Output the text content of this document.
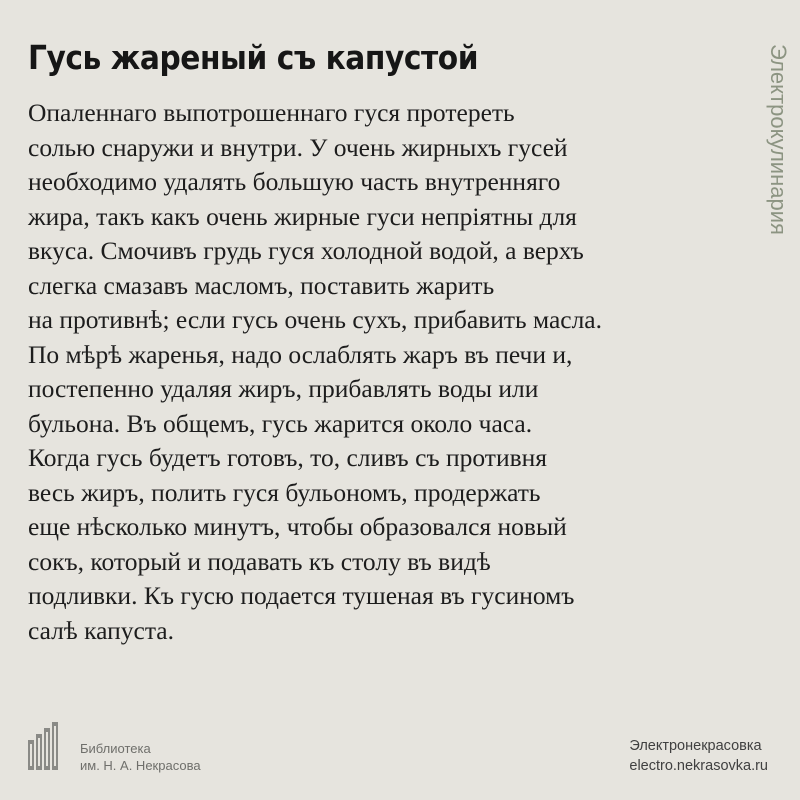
Гусь жареный съ капустой
Опаленнаго выпотрошеннаго гуся протереть
солью снаружи и внутри. У очень жирныхъ гусей
необходимо удалять большую часть внутренняго
жира, такъ какъ очень жирные гуси непріятны для
вкуса. Смочивъ грудь гуся холодной водой, а верхъ
слегка смазавъ масломъ, поставить жарить
на противнѣ; если гусь очень сухъ, прибавить масла.
По мѣрѣ жаренья, надо ослаблять жаръ въ печи и,
постепенно удаляя жиръ, прибавлять воды или
бульона. Въ общемъ, гусь жарится около часа.
Когда гусь будетъ готовъ, то, сливъ съ противня
весь жиръ, полить гуся бульономъ, продержать
еще нѣсколько минутъ, чтобы образовался новый
сокъ, который и подавать къ столу въ видѣ
подливки. Къ гусю подается тушеная въ гусиномъ
салѣ капуста.
Электрокулинария
Библиотека
им. Н. А. Некрасова
Электронекрасовка
electro.nekrasovka.ru
